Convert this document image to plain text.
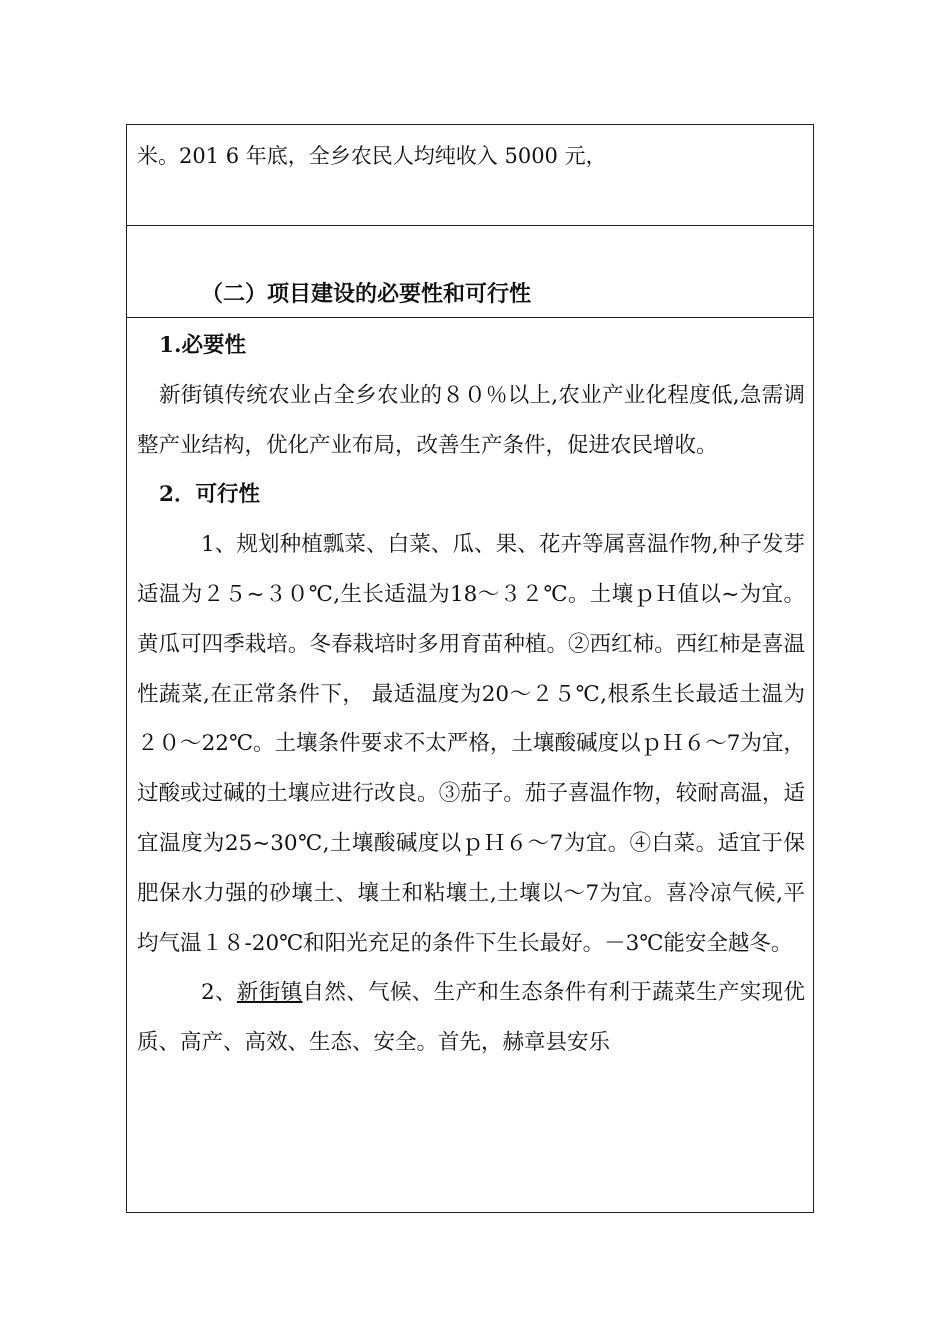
米。201 6 年底，全乡农民人均纯收入 5000 元，
（二）项目建设的必要性和可行性

1.必要性

新街镇传统农业占全乡农业的８０％以上,农业产业化程度低,急需调整产业结构，优化产业布局，改善生产条件，促进农民增收。

2．可行性

1、规划种植瓢菜、白菜、瓜、果、花卉等属喜温作物,种子发芽适温为２５~３０℃,生长适温为18～３２℃。土壤ｐＨ值以~为宜。黄瓜可四季栽培。冬春栽培时多用育苗种植。②西红柿。西红柿是喜温性蔬菜,在正常条件下， 最适温度为20～２５℃,根系生长最适土温为２０～22℃。土壤条件要求不太严格，土壤酸碱度以ｐＨ６～7为宜，过酸或过碱的土壤应进行改良。③茄子。茄子喜温作物，较耐高温，适宜温度为25~30℃,土壤酸碱度以ｐＨ６～7为宜。④白菜。适宜于保肥保水力强的砂壤土、壤土和粘壤土,土壤以～7为宜。喜冷凉气候,平均气温１８-20℃和阳光充足的条件下生长最好。－3℃能安全越冬。

2、新街镇自然、气候、生产和生态条件有利于蔬菜生产实现优质、高产、高效、生态、安全。首先，赫章县安乐
